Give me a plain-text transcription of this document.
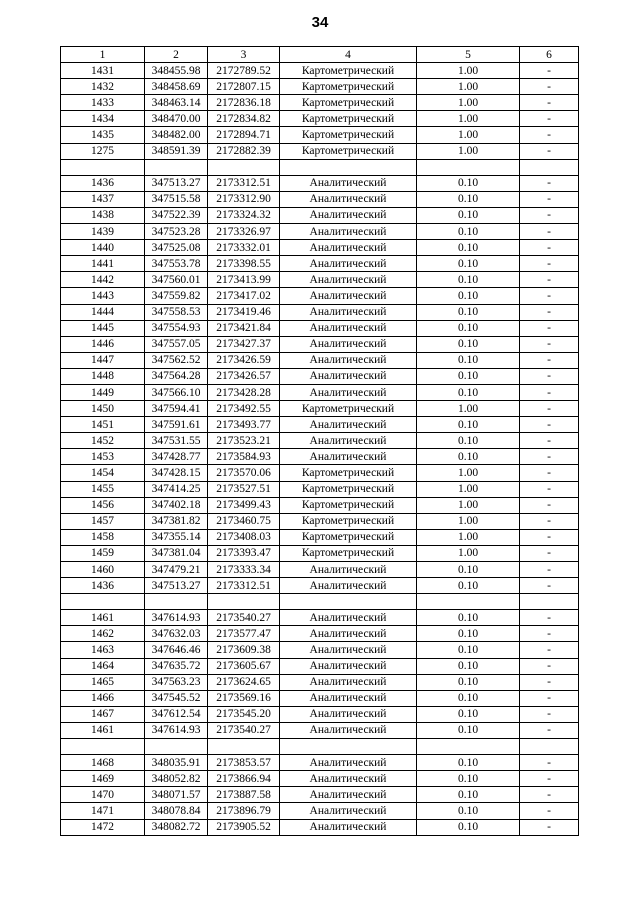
34
1	2	3	4	5	6
1431	348455.98	2172789.52	Картометрический	1.00	-
1432	348458.69	2172807.15	Картометрический	1.00	-
1433	348463.14	2172836.18	Картометрический	1.00	-
1434	348470.00	2172834.82	Картометрический	1.00	-
1435	348482.00	2172894.71	Картометрический	1.00	-
1275	348591.39	2172882.39	Картометрический	1.00	-

1436	347513.27	2173312.51	Аналитический	0.10	-
1437	347515.58	2173312.90	Аналитический	0.10	-
1438	347522.39	2173324.32	Аналитический	0.10	-
1439	347523.28	2173326.97	Аналитический	0.10	-
1440	347525.08	2173332.01	Аналитический	0.10	-
1441	347553.78	2173398.55	Аналитический	0.10	-
1442	347560.01	2173413.99	Аналитический	0.10	-
1443	347559.82	2173417.02	Аналитический	0.10	-
1444	347558.53	2173419.46	Аналитический	0.10	-
1445	347554.93	2173421.84	Аналитический	0.10	-
1446	347557.05	2173427.37	Аналитический	0.10	-
1447	347562.52	2173426.59	Аналитический	0.10	-
1448	347564.28	2173426.57	Аналитический	0.10	-
1449	347566.10	2173428.28	Аналитический	0.10	-
1450	347594.41	2173492.55	Картометрический	1.00	-
1451	347591.61	2173493.77	Аналитический	0.10	-
1452	347531.55	2173523.21	Аналитический	0.10	-
1453	347428.77	2173584.93	Аналитический	0.10	-
1454	347428.15	2173570.06	Картометрический	1.00	-
1455	347414.25	2173527.51	Картометрический	1.00	-
1456	347402.18	2173499.43	Картометрический	1.00	-
1457	347381.82	2173460.75	Картометрический	1.00	-
1458	347355.14	2173408.03	Картометрический	1.00	-
1459	347381.04	2173393.47	Картометрический	1.00	-
1460	347479.21	2173333.34	Аналитический	0.10	-
1436	347513.27	2173312.51	Аналитический	0.10	-

1461	347614.93	2173540.27	Аналитический	0.10	-
1462	347632.03	2173577.47	Аналитический	0.10	-
1463	347646.46	2173609.38	Аналитический	0.10	-
1464	347635.72	2173605.67	Аналитический	0.10	-
1465	347563.23	2173624.65	Аналитический	0.10	-
1466	347545.52	2173569.16	Аналитический	0.10	-
1467	347612.54	2173545.20	Аналитический	0.10	-
1461	347614.93	2173540.27	Аналитический	0.10	-

1468	348035.91	2173853.57	Аналитический	0.10	-
1469	348052.82	2173866.94	Аналитический	0.10	-
1470	348071.57	2173887.58	Аналитический	0.10	-
1471	348078.84	2173896.79	Аналитический	0.10	-
1472	348082.72	2173905.52	Аналитический	0.10	-
